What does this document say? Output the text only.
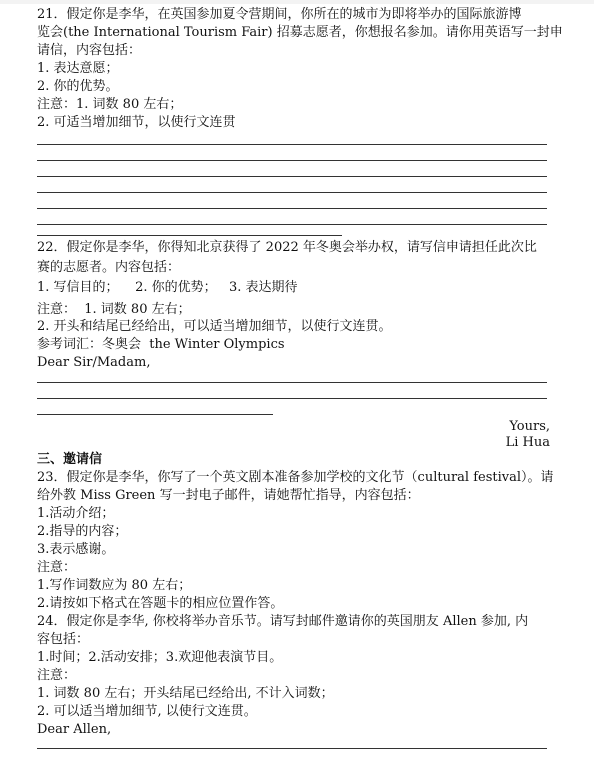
21．假定你是李华，在英国参加夏令营期间，你所在的城市为即将举办的国际旅游博
览会(the International Tourism Fair) 招募志愿者，你想报名参加。请你用英语写一封申
请信，内容包括：
1. 表达意愿；
2. 你的优势。
注意：1. 词数 80 左右；
2. 可适当增加细节，以使行文连贯
22．假定你是李华，你得知北京获得了 2022 年冬奥会举办权，请写信申请担任此次比
赛的志愿者。内容包括：
1. 写信目的；    2. 你的优势；   3. 表达期待
注意：  1. 词数 80 左右；
2. 开头和结尾已经给出，可以适当增加细节，以使行文连贯。
参考词汇：冬奥会  the Winter Olympics
Dear Sir/Madam,
Yours,
Li Hua
三、邀请信
23．假定你是李华，你写了一个英文剧本准备参加学校的文化节（cultural festival）。请
给外教 Miss Green 写一封电子邮件，请她帮忙指导，内容包括：
1.活动介绍；
2.指导的内容；
3.表示感谢。
注意：
1.写作词数应为 80 左右；
2.请按如下格式在答题卡的相应位置作答。
24．假定你是李华, 你校将举办音乐节。请写封邮件邀请你的英国朋友 Allen 参加, 内
容包括：
1.时间；2.活动安排；3.欢迎他表演节目。
注意：
1. 词数 80 左右；开头结尾已经给出, 不计入词数；
2. 可以适当增加细节, 以使行文连贯。
Dear Allen,
